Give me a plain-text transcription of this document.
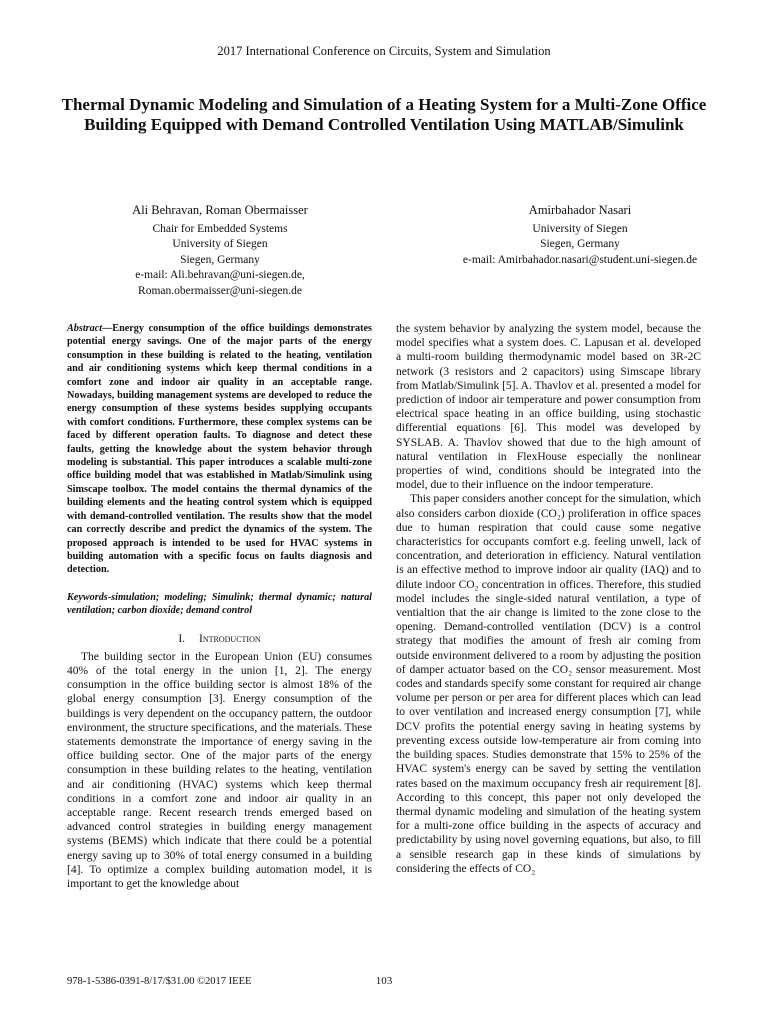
2017 International Conference on Circuits, System and Simulation
Thermal Dynamic Modeling and Simulation of a Heating System for a Multi-Zone Office Building Equipped with Demand Controlled Ventilation Using MATLAB/Simulink
Ali Behravan, Roman Obermaisser
Chair for Embedded Systems
University of Siegen
Siegen, Germany
e-mail: Ali.behravan@uni-siegen.de,
Roman.obermaisser@uni-siegen.de
Amirbahador Nasari
University of Siegen
Siegen, Germany
e-mail: Amirbahador.nasari@student.uni-siegen.de

Abstract—Energy consumption of the office buildings demonstrates potential energy savings. One of the major parts of the energy consumption in these building is related to the heating, ventilation and air conditioning systems which keep thermal conditions in a comfort zone and indoor air quality in an acceptable range. Nowadays, building management systems are developed to reduce the energy consumption of these systems besides supplying occupants with comfort conditions. Furthermore, these complex systems can be faced by different operation faults. To diagnose and detect these faults, getting the knowledge about the system behavior through modeling is substantial. This paper introduces a scalable multi-zone office building model that was established in Matlab/Simulink using Simscape toolbox. The model contains the thermal dynamics of the building elements and the heating control system which is equipped with demand-controlled ventilation. The results show that the model can correctly describe and predict the dynamics of the system. The proposed approach is intended to be used for HVAC systems in building automation with a specific focus on faults diagnosis and detection.

Keywords-simulation; modeling; Simulink; thermal dynamic; natural ventilation; carbon dioxide; demand control

I. Introduction

The building sector in the European Union (EU) consumes 40% of the total energy in the union [1, 2]. The energy consumption in the office building sector is almost 18% of the global energy consumption [3]. Energy consumption of the buildings is very dependent on the occupancy pattern, the outdoor environment, the structure specifications, and the materials. These statements demonstrate the importance of energy saving in the office building sector. One of the major parts of the energy consumption in these building relates to the heating, ventilation and air conditioning (HVAC) systems which keep thermal conditions in a comfort zone and indoor air quality in an acceptable range. Recent research trends emerged based on advanced control strategies in building energy management systems (BEMS) which indicate that there could be a potential energy saving up to 30% of total energy consumed in a building [4]. To optimize a complex building automation model, it is important to get the knowledge about

the system behavior by analyzing the system model, because the model specifies what a system does. C. Lapusan et al. developed a multi-room building thermodynamic model based on 3R-2C network (3 resistors and 2 capacitors) using Simscape library from Matlab/Simulink [5]. A. Thavlov et al. presented a model for prediction of indoor air temperature and power consumption from electrical space heating in an office building, using stochastic differential equations [6]. This model was developed by SYSLAB. A. Thavlov showed that due to the high amount of natural ventilation in FlexHouse especially the nonlinear properties of wind, conditions should be integrated into the model, due to their influence on the indoor temperature.

This paper considers another concept for the simulation, which also considers carbon dioxide (CO₂) proliferation in office spaces due to human respiration that could cause some negative characteristics for occupants comfort e.g. feeling unwell, lack of concentration, and deterioration in efficiency. Natural ventilation is an effective method to improve indoor air quality (IAQ) and to dilute indoor CO₂ concentration in offices. Therefore, this studied model includes the single-sided natural ventilation, a type of ventialtion that the air change is limited to the zone close to the opening. Demand-controlled ventilation (DCV) is a control strategy that modifies the amount of fresh air coming from outside environment delivered to a room by adjusting the position of damper actuator based on the CO₂ sensor measurement. Most codes and standards specify some constant for required air change volume per person or per area for different places which can lead to over ventilation and increased energy consumption [7], while DCV profits the potential energy saving in heating systems by preventing excess outside low-temperature air from coming into the building spaces. Studies demonstrate that 15% to 25% of the HVAC system's energy can be saved by setting the ventilation rates based on the maximum occupancy fresh air requirement [8]. According to this concept, this paper not only developed the thermal dynamic modeling and simulation of the heating system for a multi-zone office building in the aspects of accuracy and predictability by using novel governing equations, but also, to fill a sensible research gap in these kinds of simulations by considering the effects of CO₂

978-1-5386-0391-8/17/$31.00 ©2017 IEEE	103
